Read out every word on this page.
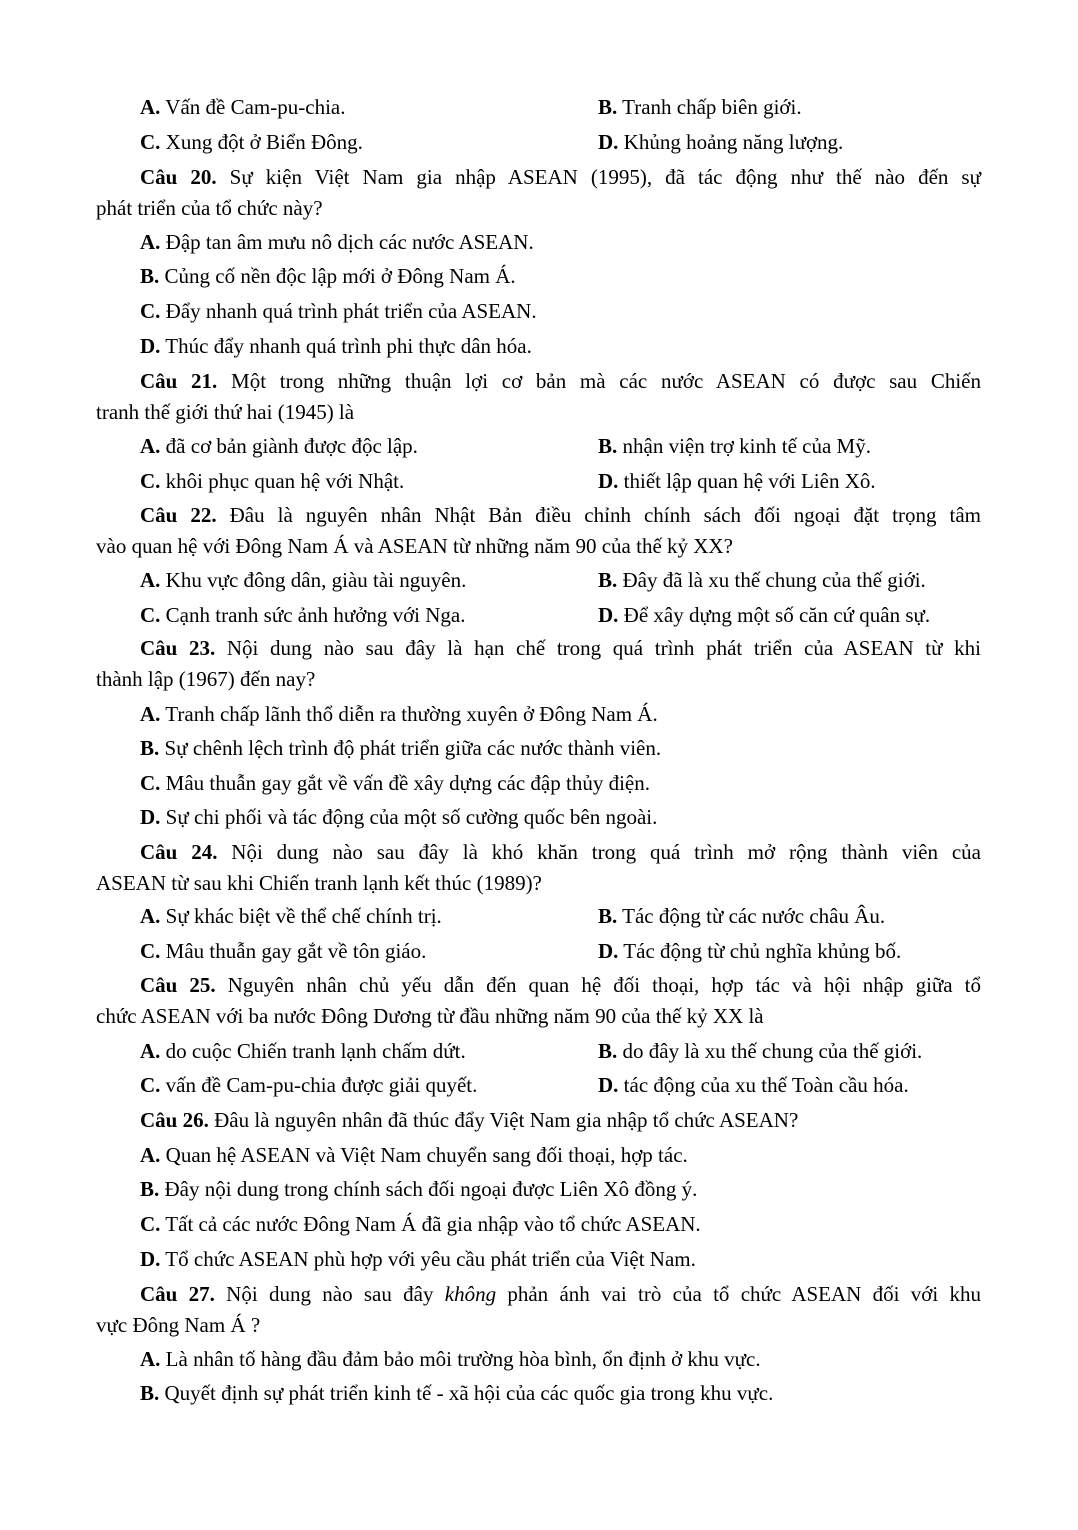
A. Vấn đề Cam-pu-chia.	B. Tranh chấp biên giới.
C. Xung đột ở Biển Đông.	D. Khủng hoảng năng lượng.
Câu 20. Sự kiện Việt Nam gia nhập ASEAN (1995), đã tác động như thế nào đến sự
phát triển của tổ chức này?
A. Đập tan âm mưu nô dịch các nước ASEAN.
B. Củng cố nền độc lập mới ở Đông Nam Á.
C. Đẩy nhanh quá trình phát triển của ASEAN.
D. Thúc đẩy nhanh quá trình phi thực dân hóa.
Câu 21. Một trong những thuận lợi cơ bản mà các nước ASEAN có được sau Chiến
tranh thế giới thứ hai (1945) là
A. đã cơ bản giành được độc lập.	B. nhận viện trợ kinh tế của Mỹ.
C. khôi phục quan hệ với Nhật.	D. thiết lập quan hệ với Liên Xô.
Câu 22. Đâu là nguyên nhân Nhật Bản điều chỉnh chính sách đối ngoại đặt trọng tâm
vào quan hệ với Đông Nam Á và ASEAN từ những năm 90 của thế kỷ XX?
A. Khu vực đông dân, giàu tài nguyên.	B. Đây đã là xu thế chung của thế giới.
C. Cạnh tranh sức ảnh hưởng với Nga.	D. Để xây dựng một số căn cứ quân sự.
Câu 23. Nội dung nào sau đây là hạn chế trong quá trình phát triển của ASEAN từ khi
thành lập (1967) đến nay?
A. Tranh chấp lãnh thổ diễn ra thường xuyên ở Đông Nam Á.
B. Sự chênh lệch trình độ phát triển giữa các nước thành viên.
C. Mâu thuẫn gay gắt về vấn đề xây dựng các đập thủy điện.
D. Sự chi phối và tác động của một số cường quốc bên ngoài.
Câu 24. Nội dung nào sau đây là khó khăn trong quá trình mở rộng thành viên của
ASEAN từ sau khi Chiến tranh lạnh kết thúc (1989)?
A. Sự khác biệt về thể chế chính trị.	B. Tác động từ các nước châu Âu.
C. Mâu thuẫn gay gắt về tôn giáo.	D. Tác động từ chủ nghĩa khủng bố.
Câu 25. Nguyên nhân chủ yếu dẫn đến quan hệ đối thoại, hợp tác và hội nhập giữa tổ
chức ASEAN với ba nước Đông Dương từ đầu những năm 90 của thế kỷ XX là
A. do cuộc Chiến tranh lạnh chấm dứt.	B. do đây là xu thế chung của thế giới.
C. vấn đề Cam-pu-chia được giải quyết.	D. tác động của xu thế Toàn cầu hóa.
Câu 26. Đâu là nguyên nhân đã thúc đẩy Việt Nam gia nhập tổ chức ASEAN?
A. Quan hệ ASEAN và Việt Nam chuyển sang đối thoại, hợp tác.
B. Đây nội dung trong chính sách đối ngoại được Liên Xô đồng ý.
C. Tất cả các nước Đông Nam Á đã gia nhập vào tổ chức ASEAN.
D. Tổ chức ASEAN phù hợp với yêu cầu phát triển của Việt Nam.
Câu 27. Nội dung nào sau đây không phản ánh vai trò của tổ chức ASEAN đối với khu
vực Đông Nam Á ?
A. Là nhân tố hàng đầu đảm bảo môi trường hòa bình, ổn định ở khu vực.
B. Quyết định sự phát triển kinh tế - xã hội của các quốc gia trong khu vực.
